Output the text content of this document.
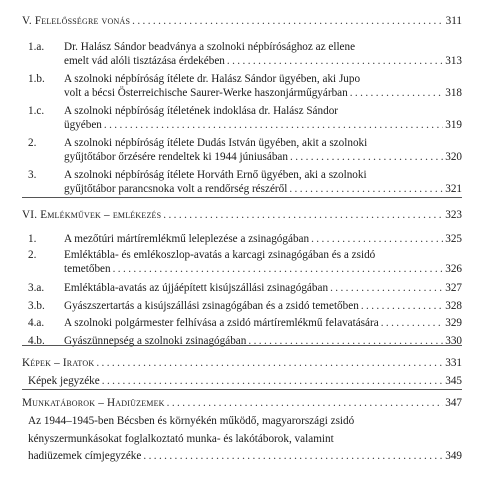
V. Felelősségre vonás .....	311
1.a.	Dr. Halász Sándor beadványa a szolnoki népbírósághoz az ellene
emelt vád alóli tisztázása érdekében .....	313
1.b.	A szolnoki népbíróság ítélete dr. Halász Sándor ügyében, aki Jupo
volt a bécsi Österreichische Saurer-Werke haszonjárműgyárban .....	318
1.c.	A szolnoki népbíróság ítéletének indoklása dr. Halász Sándor
ügyében .....	319
2.	A szolnoki népbíróság ítélete Dudás István ügyében, akit a szolnoki
gyűjtőtábor őrzésére rendeltek ki 1944 júniusában .....	320
3.	A szolnoki népbíróság ítélete Horváth Ernő ügyében, aki a szolnoki
gyűjtőtábor parancsnoka volt a rendőrség részéről .....	321
VI. Emlékművek – emlékezés .....	323
1.	A mezőtúri mártíremlékmű leleplezése a zsinagógában .....	325
2.	Emléktábla- és emlékoszlop-avatás a karcagi zsinagógában és a zsidó
temetőben .....	326
3.a.	Emléktábla-avatás az újjáépített kisújszállási zsinagógában .....	327
3.b.	Gyászszertartás a kisújszállási zsinagógában és a zsidó temetőben .....	328
4.a.	A szolnoki polgármester felhívása a zsidó mártíremlékmű felavatására .....	329
4.b.	Gyászünnepség a szolnoki zsinagógában .....	330
Képek – Iratok .....	331
Képek jegyzéke .....	345
Munkatáborok – Hadiüzemek .....	347
Az 1944–1945-ben Bécsben és környékén működő, magyarországi zsidó
kényszermunkásokat foglalkoztató munka- és lakótáborok, valamint
hadiüzemek címjegyzéke .....	349
